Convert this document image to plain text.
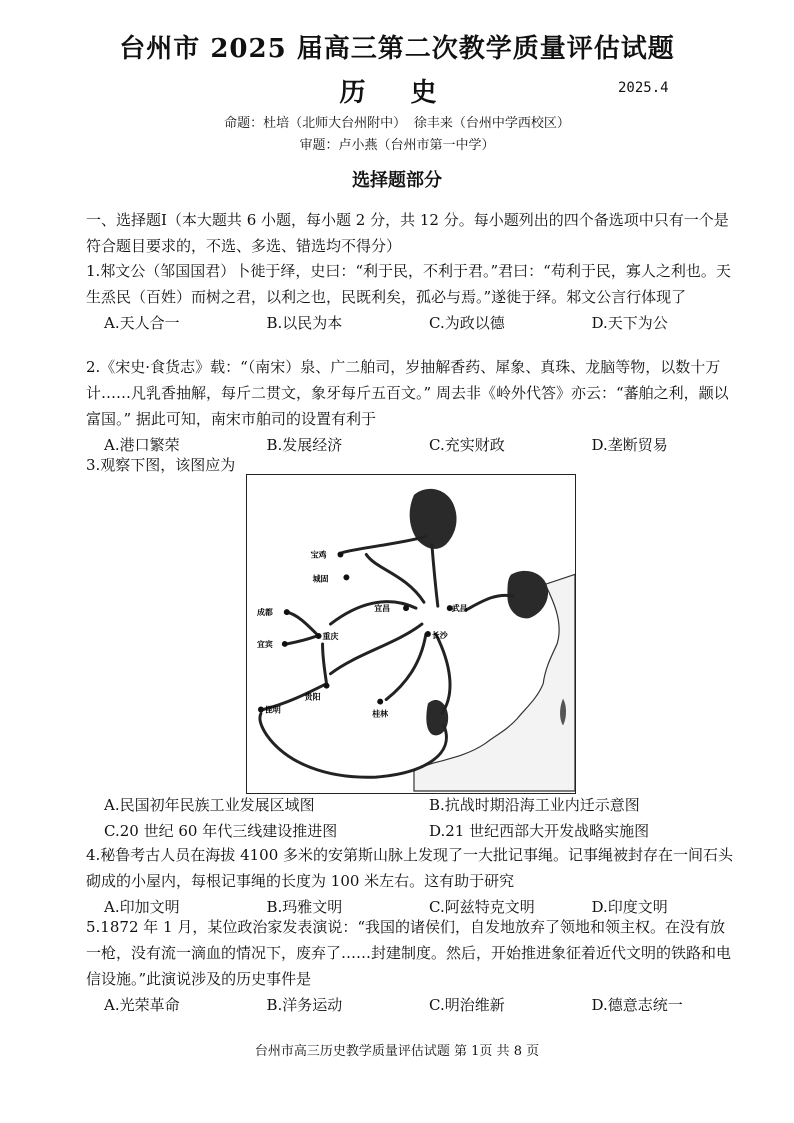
台州市 2025 届高三第二次教学质量评估试题
历 史	2025.4
命题：杜培（北师大台州附中） 徐丰来（台州中学西校区）
审题：卢小燕（台州市第一中学）
选择题部分
一、选择题Ⅰ（本大题共 6 小题，每小题 2 分，共 12 分。每小题列出的四个备选项中只有一个是符合题目要求的，不选、多选、错选均不得分）
1.邾文公（邹国国君）卜徙于绎，史曰：“利于民，不利于君。”君曰：“苟利于民，寡人之利也。天生烝民（百姓）而树之君，以利之也，民既利矣，孤必与焉。”遂徙于绎。邾文公言行体现了
A.天人合一	B.以民为本	C.为政以德	D.天下为公
2.《宋史·食货志》载：“（南宋）泉、广二舶司，岁抽解香药、犀象、真珠、龙脑等物，以数十万计……凡乳香抽解，每斤二贯文，象牙每斤五百文。” 周去非《岭外代答》亦云：“蕃舶之利，颛以富国。” 据此可知，南宋市舶司的设置有利于
A.港口繁荣	B.发展经济	C.充实财政	D.垄断贸易
3.观察下图，该图应为
宝鸡
城固
成都	宜昌	武昌
宜宾
重庆	长沙
贵阳
昆明	桂林
A.民国初年民族工业发展区域图	B.抗战时期沿海工业内迁示意图
C.20 世纪 60 年代三线建设推进图	D.21 世纪西部大开发战略实施图
4.秘鲁考古人员在海拔 4100 多米的安第斯山脉上发现了一大批记事绳。记事绳被封存在一间石头砌成的小屋内，每根记事绳的长度为 100 米左右。这有助于研究
A.印加文明	B.玛雅文明	C.阿兹特克文明	D.印度文明
5.1872 年 1 月，某位政治家发表演说：“我国的诸侯们，自发地放弃了领地和领主权。在没有放一枪，没有流一滴血的情况下，废弃了……封建制度。然后，开始推进象征着近代文明的铁路和电信设施。”此演说涉及的历史事件是
A.光荣革命	B.洋务运动	C.明治维新	D.德意志统一
台州市高三历史教学质量评估试题 第 1页 共 8 页
